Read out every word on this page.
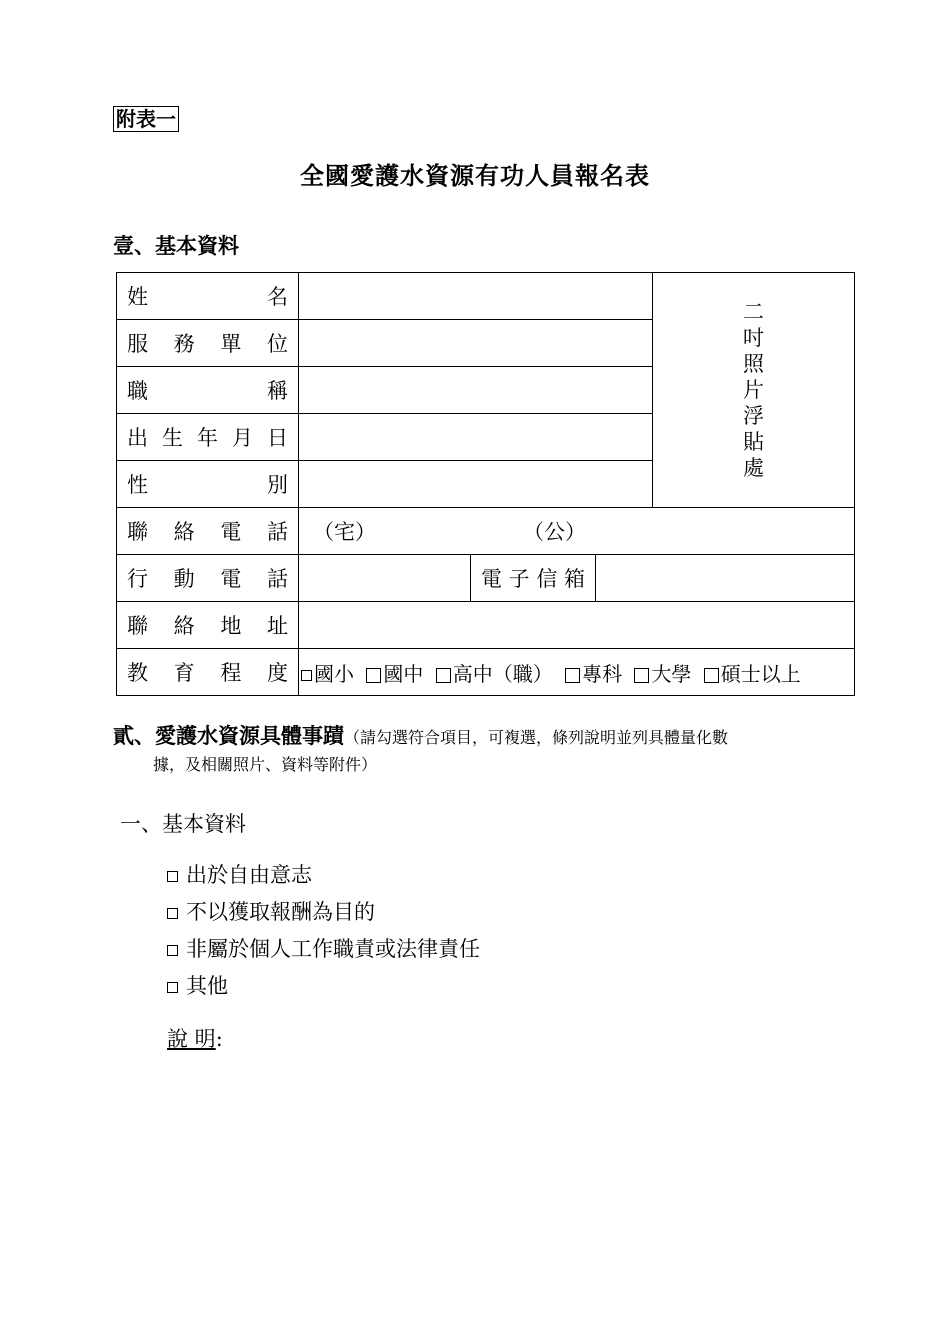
附表一
全國愛護水資源有功人員報名表
壹、基本資料
姓 名				二吋照片浮貼處

服 務 單 位				

職 稱				

出 生 年 月 日				

性 別				

聯 絡 電 話	（宅） （公）			

行 動 電 話		電 子 信 箱		

聯 絡 地 址				

教 育 程 度	國小 國中 高中（職） 專科 大學 碩士以上			
貳、愛護水資源具體事蹟（請勾選符合項目，可複選，條列說明並列具體量化數
據，及相關照片、資料等附件）
一、基本資料
出於自由意志
不以獲取報酬為目的
非屬於個人工作職責或法律責任
其他
說 明:
